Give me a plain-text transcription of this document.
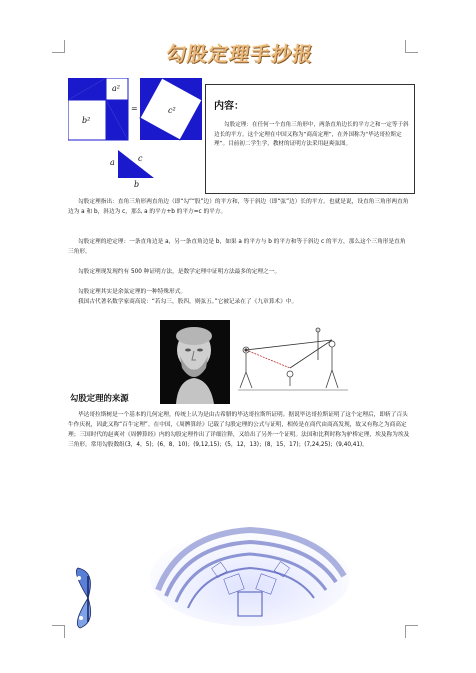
勾股定理手抄报
a²
b²
=	c²
a
b
c
内容：
勾股定理：在任何一个直角三角形中，两条直角边长的平方之和一定等于斜边长的平方。这个定理在中国又称为“商高定理”，在外国称为“毕达哥拉斯定理”。目前初二学生学，教材的证明方法采用赵爽弦图。
勾股定理指出：直角三角形两直角边（即“勾”“股”边）的平方和，等于斜边（即“弦”边）长的平方。也就是说，设直角三角形两直角边为 a 和 b，斜边为 c，那么 a 的平方+b 的平方=c 的平方。
勾股定理的逆定理：一条直角边是 a，另一条直角边是 b，如果 a 的平方与 b 的平方和等于斜边 c 的平方，那么这个三角形是直角三角形。
勾股定理现发现约有 500 种证明方法，是数学定理中证明方法最多的定理之一。
勾股定理其实是余弦定理的一种特殊形式。
我国古代著名数学家商高说：“若勾三，股四，则弦五。”它被记录在了《九章算术》中。
勾股定理的来源
毕达哥拉斯树是一个基本的几何定理，传统上认为是由古希腊的毕达哥拉斯所证明。据说毕达哥拉斯证明了这个定理后，即斩了百头牛作庆祝，因此又称“百牛定理”。在中国，《周髀算经》记载了勾股定理的公式与证明，相传是在商代由商高发现，故又有称之为商高定理；三国时代的赵爽对《周髀算经》内的勾股定理作出了详细注释，又给出了另外一个证明。法国和比利时称为驴桥定理，埃及称为埃及三角形。常用勾股数组(3，4，5)；(6，8，10)；(9,12,15)；(5，12，13)；(8，15，17)；(7,24,25)；(9,40,41)。
